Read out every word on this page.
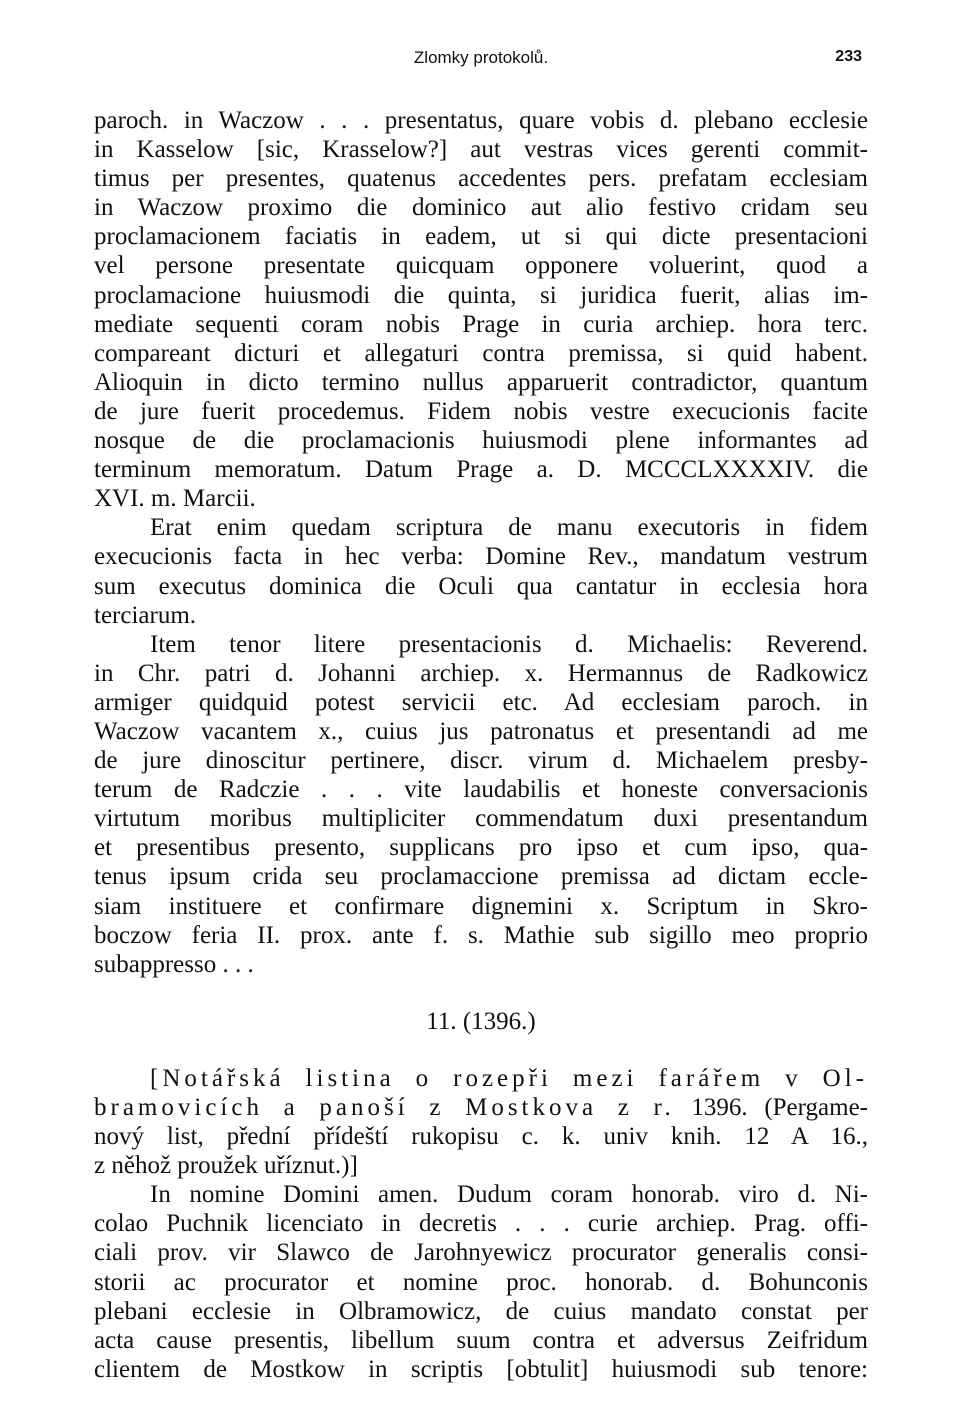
Zlomky protokolů.	233
paroch. in Waczow . . . presentatus, quare vobis d. plebano ecclesie
in Kasselow [sic, Krasselow?] aut vestras vices gerenti commit-
timus per presentes, quatenus accedentes pers. prefatam ecclesiam
in Waczow proximo die dominico aut alio festivo cridam seu
proclamacionem faciatis in eadem, ut si qui dicte presentacioni
vel persone presentate quicquam opponere voluerint, quod a
proclamacione huiusmodi die quinta, si juridica fuerit, alias im-
mediate sequenti coram nobis Prage in curia archiep. hora terc.
compareant dicturi et allegaturi contra premissa, si quid habent.
Alioquin in dicto termino nullus apparuerit contradictor, quantum
de jure fuerit procedemus. Fidem nobis vestre execucionis facite
nosque de die proclamacionis huiusmodi plene informantes ad
terminum memoratum. Datum Prage a. D. MCCCLXXXXIV. die
XVI. m. Marcii.
Erat enim quedam scriptura de manu executoris in fidem
execucionis facta in hec verba: Domine Rev., mandatum vestrum
sum executus dominica die Oculi qua cantatur in ecclesia hora
terciarum.
Item tenor litere presentacionis d. Michaelis: Reverend.
in Chr. patri d. Johanni archiep. x. Hermannus de Radkowicz
armiger quidquid potest servicii etc. Ad ecclesiam paroch. in
Waczow vacantem x., cuius jus patronatus et presentandi ad me
de jure dinoscitur pertinere, discr. virum d. Michaelem presby-
terum de Radczie . . . vite laudabilis et honeste conversacionis
virtutum moribus multipliciter commendatum duxi presentandum
et presentibus presento, supplicans pro ipso et cum ipso, qua-
tenus ipsum crida seu proclamaccione premissa ad dictam eccle-
siam instituere et confirmare dignemini x. Scriptum in Skro-
boczow feria II. prox. ante f. s. Mathie sub sigillo meo proprio
subappresso . . .
11. (1396.)
[Notářská listina o rozepři mezi farářem v Ol-
bramovicích a panoší z Mostkova z r. 1396. (Pergame-
nový list, přední přídeští rukopisu c. k. univ knih. 12 A 16.,
z něhož proužek uříznut.)]
In nomine Domini amen. Dudum coram honorab. viro d. Ni-
colao Puchnik licenciato in decretis . . . curie archiep. Prag. offi-
ciali prov. vir Slawco de Jarohnyewicz procurator generalis consi-
storii ac procurator et nomine proc. honorab. d. Bohunconis
plebani ecclesie in Olbramowicz, de cuius mandato constat per
acta cause presentis, libellum suum contra et adversus Zeifridum
clientem de Mostkow in scriptis [obtulit] huiusmodi sub tenore:
